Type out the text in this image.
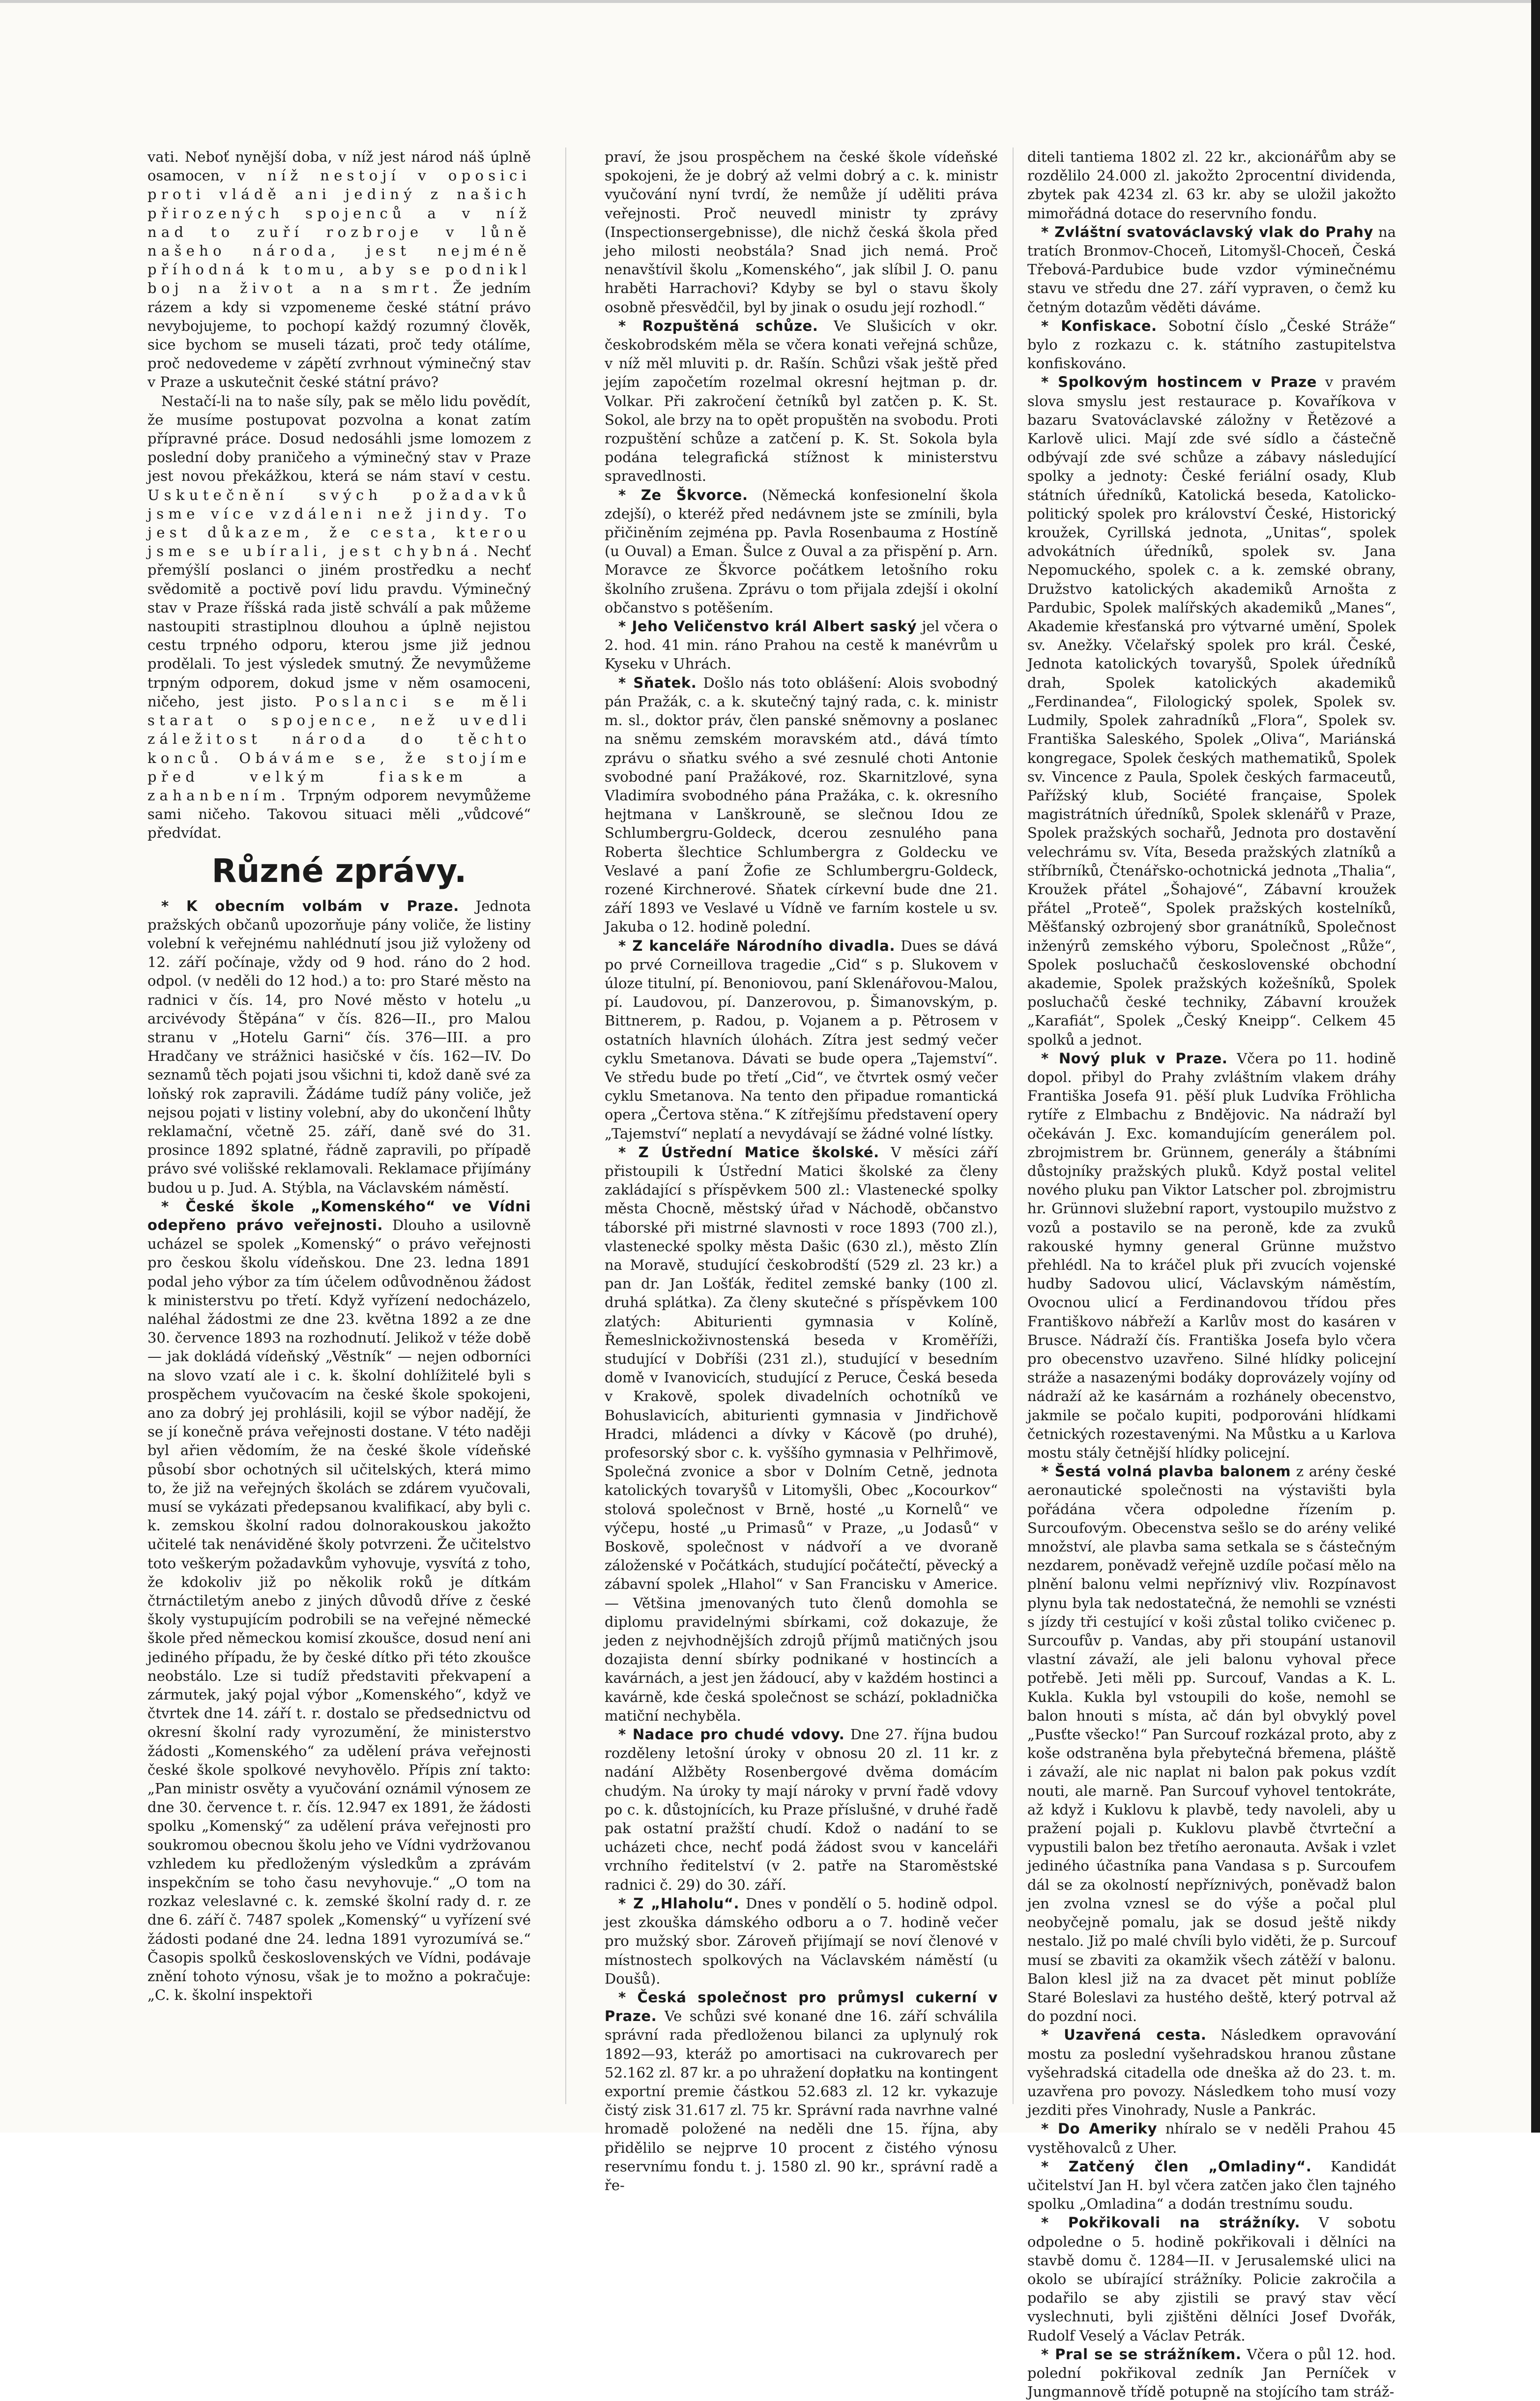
vati. Neboť nynější doba, v níž jest národ náš úplně osamocen, v níž nestojí v oposici proti vládě ani jediný z našich přirozených spojenců a v níž nad to zuří rozbroje v lůně našeho národa, jest nejméně příhodná k tomu, aby se podnikl boj na život a na smrt. Že jedním rázem a kdy si vzpomeneme české státní právo nevybojujeme, to pochopí každý rozumný člověk, sice bychom se museli tázati, proč tedy otálíme, proč nedovedeme v zápětí zvrhnout výminečný stav v Praze a uskutečnit české státní právo?

Nestačí-li na to naše síly, pak se mělo lidu povědít, že musíme postupovat pozvolna a konat zatím přípravné práce. Dosud nedosáhli jsme lomozem z poslední doby praničeho a výminečný stav v Praze jest novou překážkou, která se nám staví v cestu. Uskutečnění svých požadavků jsme více vzdáleni než jindy. To jest důkazem, že cesta, kterou jsme se ubírali, jest chybná. Nechť přemýšlí poslanci o jiném prostředku a nechť svědomitě a poctivě poví lidu pravdu. Výminečný stav v Praze říšská rada jistě schválí a pak můžeme nastoupiti strastiplnou dlouhou a úplně nejistou cestu trpného odporu, kterou jsme již jednou prodělali. To jest výsledek smutný. Že nevymůžeme trpným odporem, dokud jsme v něm osamoceni, ničeho, jest jisto. Poslanci se měli starat o spojence, než uvedli záležitost národa do těchto konců. Obáváme se, že stojíme před velkým fiaskem a zahanbením. Trpným odporem nevymůžeme sami ničeho. Takovou situaci měli „vůdcové“ předvídat.

Různé zprávy.

* K obecním volbám v Praze. Jednota pražských občanů upozorňuje pány voliče, že listiny volební k veřejnému nahlédnutí jsou již vyloženy od 12. září počínaje, vždy od 9 hod. ráno do 2 hod. odpol. (v neděli do 12 hod.) a to: pro Staré město na radnici v čís. 14, pro Nové město v hotelu „u arcivévody Štěpána“ v čís. 826—II., pro Malou stranu v „Hotelu Garni“ čís. 376—III. a pro Hradčany ve strážnici hasičské v čís. 162—IV. Do seznamů těch pojati jsou všichni ti, kdož daně své za loňský rok zapravili. Žádáme tudíž pány voliče, jež nejsou pojati v listiny volební, aby do ukončení lhůty reklamační, včetně 25. září, daně své do 31. prosince 1892 splatné, řádně zapravili, po případě právo své volišské reklamovali. Reklamace přijímány budou u p. Jud. A. Stýbla, na Václavském náměstí.

* České škole „Komenského“ ve Vídni odepřeno právo veřejnosti. Dlouho a usilovně ucházel se spolek „Komenský“ o právo veřejnosti pro českou školu vídeňskou. Dne 23. ledna 1891 podal jeho výbor za tím účelem odůvodněnou žádost k ministerstvu po třetí. Když vyřízení nedocházelo, naléhal žádostmi ze dne 23. května 1892 a ze dne 30. července 1893 na rozhodnutí. Jelikož v téže době — jak dokládá vídeňský „Věstník“ — nejen odborníci na slovo vzatí ale i c. k. školní dohlížitelé byli s prospěchem vyučovacím na české škole spokojeni, ano za dobrý jej prohlásili, kojil se výbor nadějí, že se jí konečně práva veřejnosti dostane. V této naději byl ařien vědomím, že na české škole vídeňské působí sbor ochotných sil učitelských, která mimo to, že již na veřejných školách se zdárem vyučovali, musí se vykázati předepsanou kvalifikací, aby byli c. k. zemskou školní radou dolnorakouskou jakožto učitelé tak nenáviděné školy potvrzeni. Že učitelstvo toto veškerým požadavkům vyhovuje, vysvítá z toho, že kdokoliv již po několik roků je dítkám čtrnáctiletým anebo z jiných důvodů dříve z české školy vystupujícím podrobili se na veřejné německé škole před německou komisí zkoušce, dosud není ani jediného případu, že by české dítko při této zkoušce neobstálo. Lze si tudíž představiti překvapení a zármutek, jaký pojal výbor „Komenského“, když ve čtvrtek dne 14. září t. r. dostalo se předsednictvu od okresní školní rady vyrozumění, že ministerstvo žádosti „Komenského“ za udělení práva veřejnosti české škole spolkové nevyhovělo. Přípis zní takto: „Pan ministr osvěty a vyučování oznámil výnosem ze dne 30. července t. r. čís. 12.947 ex 1891, že žádosti spolku „Komenský“ za udělení práva veřejnosti pro soukromou obecnou školu jeho ve Vídni vydržovanou vzhledem ku předloženým výsledkům a zprávám inspekčním se toho času nevyhovuje.“ „O tom na rozkaz veleslavné c. k. zemské školní rady d. r. ze dne 6. září č. 7487 spolek „Komenský“ u vyřízení své žádosti podané dne 24. ledna 1891 vyrozumívá se.“ Časopis spolků československých ve Vídni, podávaje znění tohoto výnosu, však je to možno a pokračuje: „C. k. školní inspektoři

praví, že jsou prospěchem na české škole vídeňské spokojeni, že je dobrý až velmi dobrý a c. k. ministr vyučování nyní tvrdí, že nemůže jí uděliti práva veřejnosti. Proč neuvedl ministr ty zprávy (Inspectionsergebnisse), dle nichž česká škola před jeho milosti neobstála? Snad jich nemá. Proč nenavštívil školu „Komenského“, jak slíbil J. O. panu hraběti Harrachovi? Kdyby se byl o stavu školy osobně přesvědčil, byl by jinak o osudu její rozhodl.“

* Rozpuštěná schůze. Ve Slušicích v okr. českobrodském měla se včera konati veřejná schůze, v níž měl mluviti p. dr. Rašín. Schůzi však ještě před jejím započetím rozelmal okresní hejtman p. dr. Volkar. Při zakročení četníků byl zatčen p. K. St. Sokol, ale brzy na to opět propuštěn na svobodu. Proti rozpuštění schůze a zatčení p. K. St. Sokola byla podána telegrafická stížnost k ministerstvu spravedlnosti.

* Ze Škvorce. (Německá konfesionelní škola zdejší), o kteréž před nedávnem jste se zmínili, byla přičiněním zejména pp. Pavla Rosenbauma z Hostíně (u Ouval) a Eman. Šulce z Ouval a za přispění p. Arn. Moravce ze Škvorce počátkem letošního roku školního zrušena. Zprávu o tom přijala zdejší i okolní občanstvo s potěšením.

* Jeho Veličenstvo král Albert saský jel včera o 2. hod. 41 min. ráno Prahou na cestě k manévrům u Kyseku v Uhrách.

* Sňatek. Došlo nás toto oblášení: Alois svobodný pán Pražák, c. a k. skutečný tajný rada, c. k. ministr m. sl., doktor práv, člen panské sněmovny a poslanec na sněmu zemském moravském atd., dává tímto zprávu o sňatku svého a své zesnulé choti Antonie svobodné paní Pražákové, roz. Skarnitzlové, syna Vladimíra svobodného pána Pražáka, c. k. okresního hejtmana v Lanškrouně, se slečnou Idou ze Schlumbergru-Goldeck, dcerou zesnulého pana Roberta šlechtice Schlumbergra z Goldecku ve Veslavé a paní Žofie ze Schlumbergru-Goldeck, rozené Kirchnerové. Sňatek církevní bude dne 21. září 1893 ve Veslavé u Vídně ve farním kostele u sv. Jakuba o 12. hodině polední.

* Z kanceláře Národního divadla. Dues se dává po prvé Corneillova tragedie „Cid“ s p. Slukovem v úloze titulní, pí. Benoniovou, paní Sklenářovou-Malou, pí. Laudovou, pí. Danzerovou, p. Šimanovským, p. Bittnerem, p. Radou, p. Vojanem a p. Pětrosem v ostatních hlavních úlohách. Zítra jest sedmý večer cyklu Smetanova. Dávati se bude opera „Tajemství“. Ve středu bude po třetí „Cid“, ve čtvrtek osmý večer cyklu Smetanova. Na tento den připadue romantická opera „Čertova stěna.“ K zítřejšímu představení opery „Tajemství“ neplatí a nevydávají se žádné volné lístky.

* Z Ústřední Matice školské. V měsíci září přistoupili k Ústřední Matici školské za členy zakládající s příspěvkem 500 zl.: Vlastenecké spolky města Chocně, městský úřad v Náchodě, občanstvo táborské při mistrné slavnosti v roce 1893 (700 zl.), vlastenecké spolky města Dašic (630 zl.), město Zlín na Moravě, studující českobrodští (529 zl. 23 kr.) a pan dr. Jan Lošťák, ředitel zemské banky (100 zl. druhá splátka). Za členy skutečné s příspěvkem 100 zlatých: Abiturienti gymnasia v Kolíně, Řemeslnickoživnostenská beseda v Kroměříži, studující v Dobříši (231 zl.), studující v besedním domě v Ivanovicích, studující z Peruce, Česká beseda v Krakově, spolek divadelních ochotníků ve Bohuslavicích, abiturienti gymnasia v Jindřichově Hradci, mládenci a dívky v Kácově (po druhé), profesorský sbor c. k. vyššího gymnasia v Pelhřimově, Společná zvonice a sbor v Dolním Cetně, jednota katolických tovaryšů v Litomyšli, Obec „Kocourkov“ stolová společnost v Brně, hosté „u Kornelů“ ve výčepu, hosté „u Primasů“ v Praze, „u Jodasů“ v Boskově, společnost v nádvoří a ve dvoraně záloženské v Počátkách, studující počátečtí, pěvecký a zábavní spolek „Hlahol“ v San Francisku v Americe. — Většina jmenovaných tuto členů domohla se diplomu pravidelnými sbírkami, což dokazuje, že jeden z nejvhodnějších zdrojů příjmů matičných jsou dozajista denní sbírky podnikané v hostincích a kavárnách, a jest jen žádoucí, aby v každém hostinci a kavárně, kde česká společnost se schází, pokladnička matiční nechyběla.

* Nadace pro chudé vdovy. Dne 27. října budou rozděleny letošní úroky v obnosu 20 zl. 11 kr. z nadání Alžběty Rosenbergové dvěma domácím chudým. Na úroky ty mají nároky v první řadě vdovy po c. k. důstojnících, ku Praze příslušné, v druhé řadě pak ostatní pražští chudí. Kdož o nadání to se ucházeti chce, nechť podá žádost svou v kanceláři vrchního ředitelství (v 2. patře na Staroměstské radnici č. 29) do 30. září.

* Z „Hlaholu“. Dnes v pondělí o 5. hodině odpol. jest zkouška dámského odboru a o 7. hodině večer pro mužský sbor. Zároveň přijímají se noví členové v místnostech spolkových na Václavském náměstí (u Doušů).

* Česká společnost pro průmysl cukerní v Praze. Ve schůzi své konané dne 16. září schválila správní rada předloženou bilanci za uplynulý rok 1892—93, kteráž po amortisaci na cukrovarech per 52.162 zl. 87 kr. a po uhražení dopłatku na kontingent exportní premie částkou 52.683 zl. 12 kr. vykazuje čistý zisk 31.617 zl. 75 kr. Správní rada navrhne valné hromadě položené na neděli dne 15. října, aby přidělilo se nejprve 10 procent z čistého výnosu reservnímu fondu t. j. 1580 zl. 90 kr., správní radě a ře-

diteli tantiema 1802 zl. 22 kr., akcionářům aby se rozdělilo 24.000 zl. jakožto 2procentní dividenda, zbytek pak 4234 zl. 63 kr. aby se uložil jakožto mimořádná dotace do reservního fondu.

* Zvláštní svatováclavský vlak do Prahy na tratích Bronmov-Choceň, Litomyšl-Choceň, Česká Třebová-Pardubice bude vzdor výminečnému stavu ve středu dne 27. září vypraven, o čemž ku četným dotazům věděti dáváme.

* Konfiskace. Sobotní číslo „České Stráže“ bylo z rozkazu c. k. státního zastupitelstva konfiskováno.

* Spolkovým hostincem v Praze v pravém slova smyslu jest restaurace p. Kovaříkova v bazaru Svatováclavské záložny v Řetězové a Karlově ulici. Mají zde své sídlo a částečně odbývají zde své schůze a zábavy následující spolky a jednoty: České feriální osady, Klub státních úředníků, Katolická beseda, Katolicko-politický spolek pro království České, Historický kroužek, Cyrillská jednota, „Unitas“, spolek advokátních úředníků, spolek sv. Jana Nepomuckého, spolek c. a k. zemské obrany, Družstvo katolických akademiků Arnošta z Pardubic, Spolek malířských akademiků „Manes“, Akademie křesťanská pro výtvarné umění, Spolek sv. Anežky. Včelařský spolek pro král. České, Jednota katolických tovaryšů, Spolek úředníků drah, Spolek katolických akademiků „Ferdinandea“, Filologický spolek, Spolek sv. Ludmily, Spolek zahradníků „Flora“, Spolek sv. Františka Saleského, Spolek „Oliva“, Mariánská kongregace, Spolek českých mathematiků, Spolek sv. Vincence z Paula, Spolek českých farmaceutů, Pařížský klub, Société française, Spolek magistrátních úředníků, Spolek sklenářů v Praze, Spolek pražských sochařů, Jednota pro dostavění velechrámu sv. Víta, Beseda pražských zlatníků a stříbrníků, Čtenářsko-ochotnická jednota „Thalia“, Kroužek přátel „Šohajové“, Zábavní kroužek přátel „Proteě“, Spolek pražských kostelníků, Měšťanský ozbrojený sbor granátníků, Společnost inženýrů zemského výboru, Společnost „Růže“, Spolek posluchačů československé obchodní akademie, Spolek pražských kožešníků, Spolek posluchačů české techniky, Zábavní kroužek „Karafiát“, Spolek „Český Kneipp“. Celkem 45 spolků a jednot.

* Nový pluk v Praze. Včera po 11. hodině dopol. přibyl do Prahy zvláštním vlakem dráhy Františka Josefa 91. pěší pluk Ludvíka Fröhlicha rytíře z Elmbachu z Bndějovic. Na nádraží byl očekáván J. Exc. komandujícím generálem pol. zbrojmistrem br. Grünnem, generály a štábními důstojníky pražských pluků. Když postal velitel nového pluku pan Viktor Latscher pol. zbrojmistru hr. Grünnovi služební raport, vystoupilo mužstvo z vozů a postavilo se na peroně, kde za zvuků rakouské hymny general Grünne mužstvo přehlédl. Na to kráčel pluk při zvucích vojenské hudby Sadovou ulicí, Václavským náměstím, Ovocnou ulicí a Ferdinandovou třídou přes Františkovo nábřeží a Karlův most do kasáren v Bruscе. Nádraží čís. Františka Josefa bylo včera pro obecenstvo uzavřeno. Silné hlídky policejní stráže a nasazenými bodáky doprovázely vojíny od nádraží až ke kasárnám a rozhánely obecenstvo, jakmile se počalo kupiti, podporováni hlídkami četnických rozestavenými. Na Můstku a u Karlova mostu stály četnější hlídky policejní.

* Šestá volná plavba balonem z arény české aeronautické společnosti na výstavišti byla pořádána včera odpoledne řízením p. Surcoufovým. Obecenstva sešlo se do arény veliké množství, ale plavba sama setkala se s částečným nezdarem, poněvadž veřejně uzdíle počasí mělo na plnění balonu velmi nepříznivý vliv. Rozpínavost plynu byla tak nedostatečná, že nemohli se vznésti s jízdy tři cestující v koši zůstal toliko cvičenec p. Surcoufův p. Vandas, aby při stoupání ustanovil vlastní závaží, ale jeli balonu vyhoval přece potřebě. Jeti měli pp. Surcouf, Vandas a K. L. Kukla. Kukla byl vstoupili do koše, nemohl se balon hnouti s místa, ač dán byl obvyklý povel „Pusťte všecko!“ Pan Surcouf rozkázal proto, aby z koše odstraněna byla přebytečná břemena, pláště i závaží, ale nic naplat ni balon pak pokus vzdít nouti, ale marně. Pan Surcouf vyhovel tentokráte, až když i Kuklovu k plavbě, tedy navoleli, aby u pražení pojali p. Kuklovu plavbě čtvrteční a vypustili balon bez třetího aeronauta. Avšak i vzlet jediného účastníka pana Vandasa s p. Surcoufem dál se za okolností nepříznivých, poněvadž balon jen zvolna vznesl se do výše a počal plul neobyčejně pomalu, jak se dosud ještě nikdy nestalo. Již po malé chvíli bylo viděti, že p. Surcouf musí se zbaviti za okamžik všech zátěží v balonu. Balon klesl již na za dvacet pět minut poblíže Staré Boleslavi za hustého deště, který potrval až do pozdní noci.

* Uzavřená cesta. Následkem opravování mostu za poslední vyšehradskou hranou zůstane vyšehradská citadella ode dneška až do 23. t. m. uzavřena pro povozy. Následkem toho musí vozy jezditi přes Vinohrady, Nusle a Pankrác.

* Do Ameriky nhíralo se v neděli Prahou 45 vystěhovalců z Uher.

* Zatčený člen „Omladiny“. Kandidát učitelství Jan H. byl včera zatčen jako člen tajného spolku „Omladina“ a dodán trestnímu soudu.

* Pokřikovali na strážníky. V sobotu odpoledne o 5. hodině pokřikovali i dělníci na stavbě domu č. 1284—II. v Jerusalemské ulici na okolo se ubírající strážníky. Policie zakročila a podařilo se aby zjistili se pravý stav věcí vyslechnuti, byli zjištěni dělníci Josef Dvořák, Rudolf Veselý a Václav Petrák.

* Pral se se strážníkem. Včera o půl 12. hod. polední pokřikoval zedník Jan Perníček v Jungmannově třídě potupně na stojícího tam stráž-
